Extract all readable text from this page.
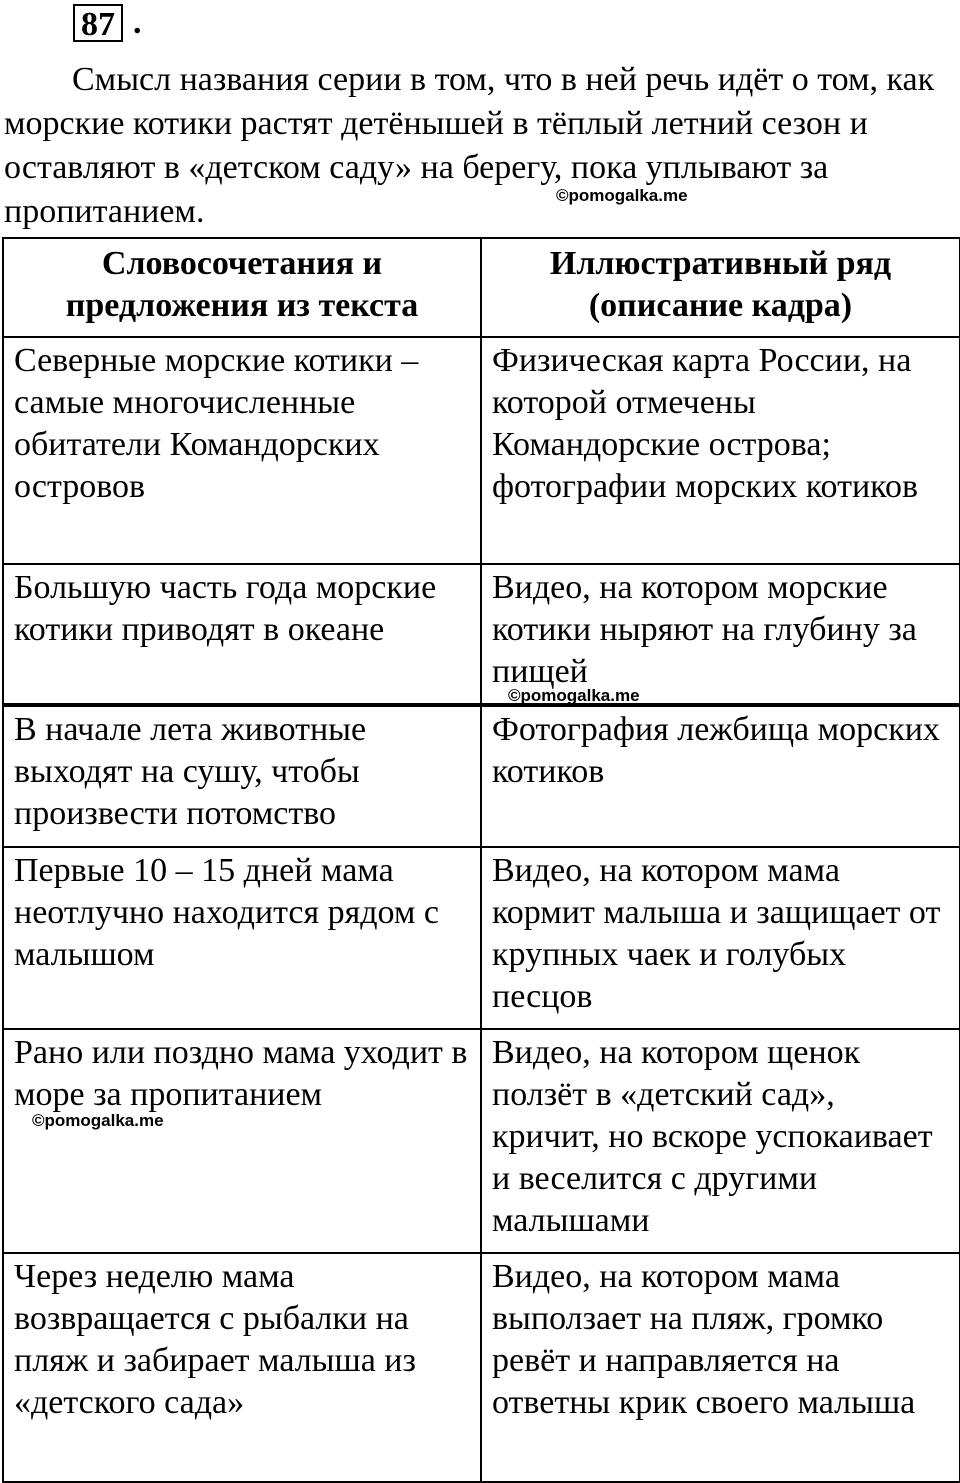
87 .

Смысл названия серии в том, что в ней речь идёт о том, как морские котики растят детёнышей в тёплый летний сезон и оставляют в «детском саду» на берегу, пока уплывают за пропитанием.	©pomogalka.me
Словосочетания и предложения из текста	Иллюстративный ряд (описание кадра)
Северные морские котики – самые многочисленные обитатели Командорских островов	Физическая карта России, на которой отмечены Командорские острова; фотографии морских котиков
Большую часть года морские котики приводят в океане	Видео, на котором морские котики ныряют на глубину за пищей
©pomogalka.me
В начале лета животные выходят на сушу, чтобы произвести потомство	Фотография лежбища морских котиков
Первые 10 – 15 дней мама неотлучно находится рядом с малышом	Видео, на котором мама кормит малыша и защищает от крупных чаек и голубых песцов
Рано или поздно мама уходит в море за пропитанием	Видео, на котором щенок ползёт в «детский сад», кричит, но вскоре успокаивает и веселится с другими малышами
Через неделю мама возвращается с рыбалки на пляж и забирает малыша из «детского сада»	Видео, на котором мама выползает на пляж, громко ревёт и направляется на ответны крик своего малыша
©pomogalka.me
